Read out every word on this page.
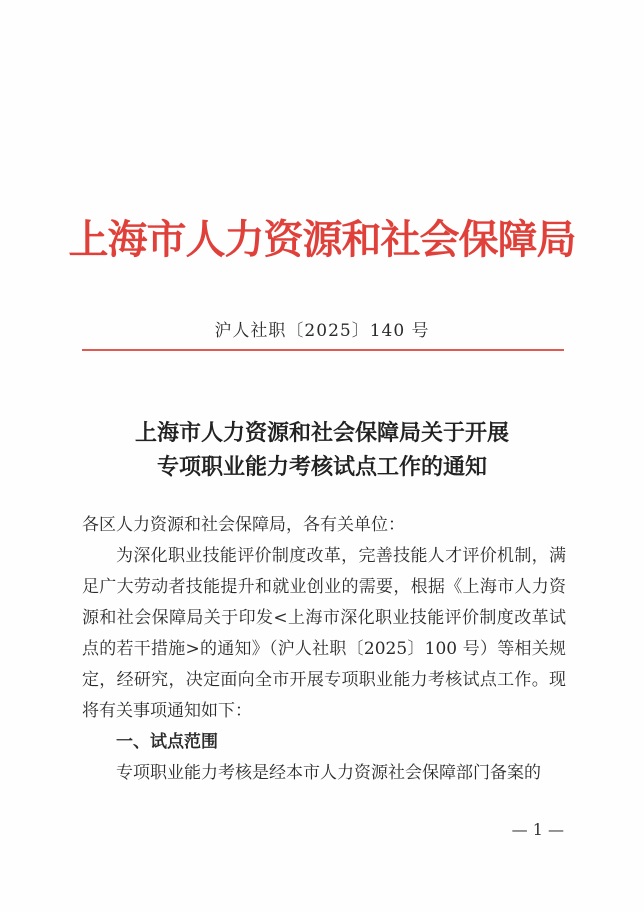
上海市人力资源和社会保障局
沪人社职〔2025〕140 号
上海市人力资源和社会保障局关于开展
专项职业能力考核试点工作的通知

各区人力资源和社会保障局，各有关单位：

为深化职业技能评价制度改革，完善技能人才评价机制，满足广大劳动者技能提升和就业创业的需要，根据《上海市人力资源和社会保障局关于印发<上海市深化职业技能评价制度改革试点的若干措施>的通知》（沪人社职〔2025〕100 号）等相关规定，经研究，决定面向全市开展专项职业能力考核试点工作。现将有关事项通知如下：

一、试点范围

专项职业能力考核是经本市人力资源社会保障部门备案的

— 1 —
